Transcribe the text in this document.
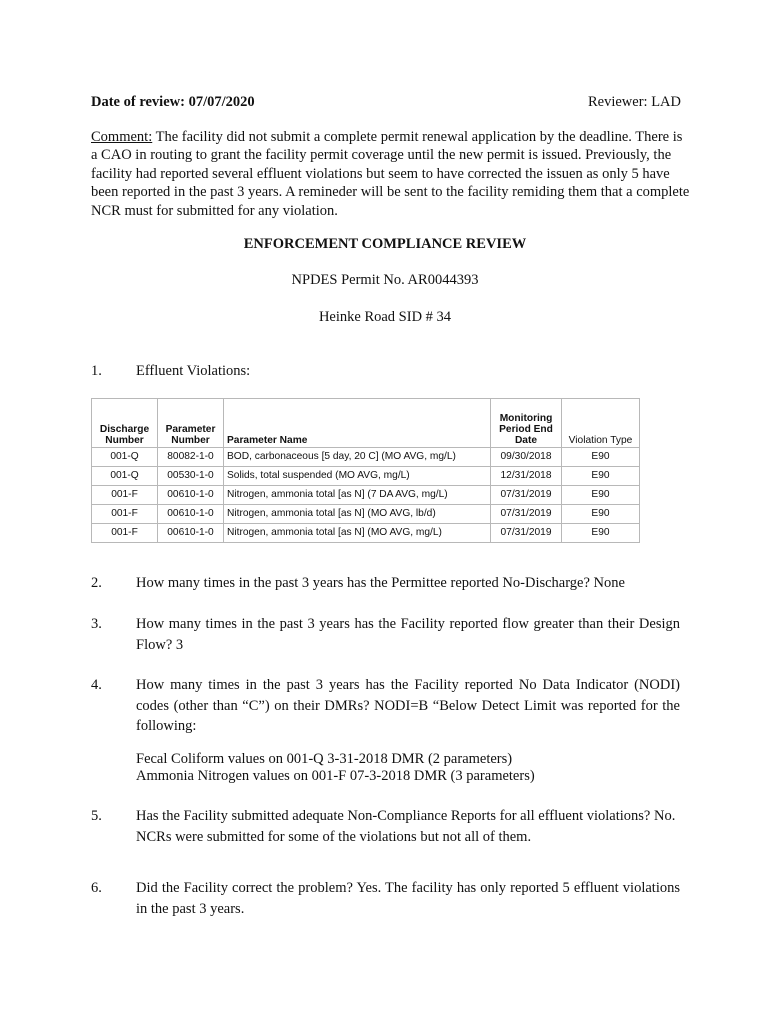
Date of review: 07/07/2020	Reviewer: LAD
Comment: The facility did not submit a complete permit renewal application by the deadline. There is a CAO in routing to grant the facility permit coverage until the new permit is issued. Previously, the facility had reported several effluent violations but seem to have corrected the issuen as only 5 have been reported in the past 3 years. A remineder will be sent to the facility remiding them that a complete NCR must for submitted for any violation.
ENFORCEMENT COMPLIANCE REVIEW
NPDES Permit No. AR0044393
Heinke Road SID # 34
1. Effluent Violations:
Discharge Number	Parameter Number	Parameter Name	Monitoring Period End Date	Violation Type
001-Q	80082-1-0	BOD, carbonaceous [5 day, 20 C] (MO AVG, mg/L)	09/30/2018	E90
001-Q	00530-1-0	Solids, total suspended (MO AVG, mg/L)	12/31/2018	E90
001-F	00610-1-0	Nitrogen, ammonia total [as N] (7 DA AVG, mg/L)	07/31/2019	E90
001-F	00610-1-0	Nitrogen, ammonia total [as N] (MO AVG, lb/d)	07/31/2019	E90
001-F	00610-1-0	Nitrogen, ammonia total [as N] (MO AVG, mg/L)	07/31/2019	E90
2. How many times in the past 3 years has the Permittee reported No-Discharge? None
3. How many times in the past 3 years has the Facility reported flow greater than their Design Flow? 3
4. How many times in the past 3 years has the Facility reported No Data Indicator (NODI) codes (other than “C”) on their DMRs? NODI=B “Below Detect Limit was reported for the following:
Fecal Coliform values on 001-Q 3-31-2018 DMR (2 parameters)
Ammonia Nitrogen values on 001-F 07-3-2018 DMR (3 parameters)
5. Has the Facility submitted adequate Non-Compliance Reports for all effluent violations? No. NCRs were submitted for some of the violations but not all of them.
6. Did the Facility correct the problem? Yes. The facility has only reported 5 effluent violations in the past 3 years.
